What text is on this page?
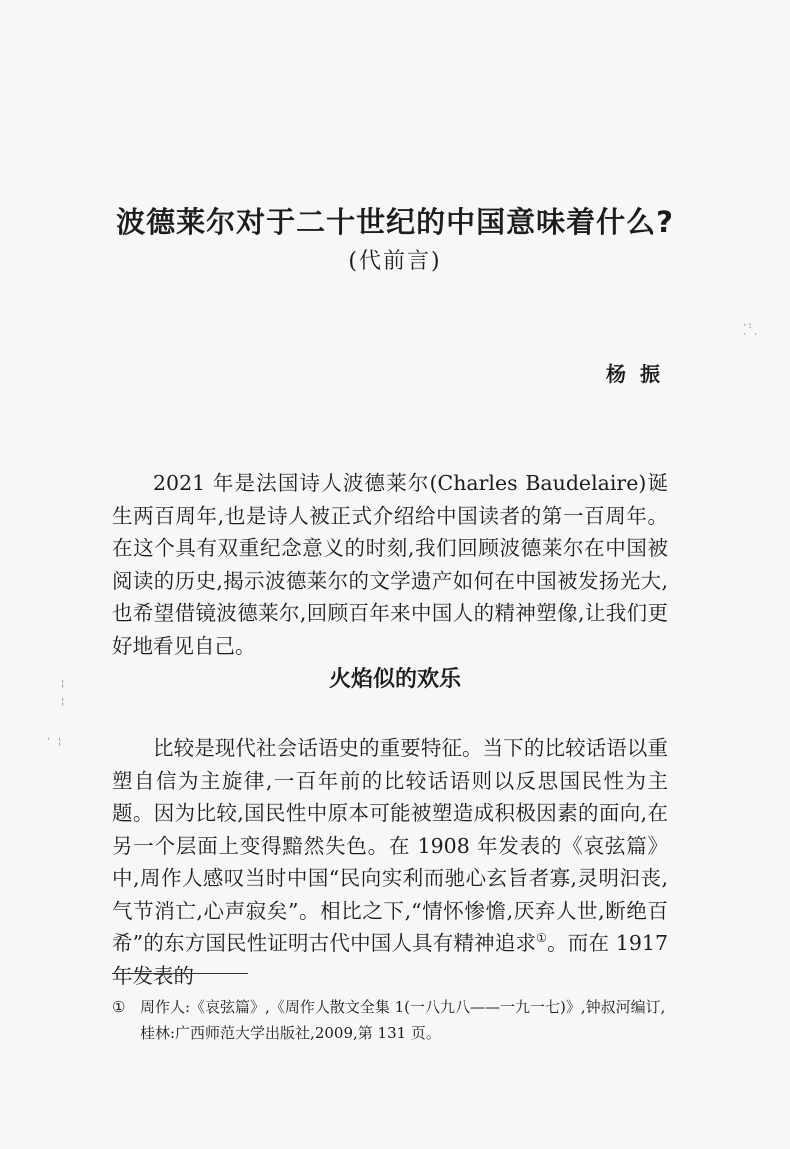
波德莱尔对于二十世纪的中国意味着什么?
(代前言)
杨振
2021 年是法国诗人波德莱尔(Charles Baudelaire)诞生两百周年,也是诗人被正式介绍给中国读者的第一百周年。在这个具有双重纪念意义的时刻,我们回顾波德莱尔在中国被阅读的历史,揭示波德莱尔的文学遗产如何在中国被发扬光大,也希望借镜波德莱尔,回顾百年来中国人的精神塑像,让我们更好地看见自己。
火焰似的欢乐
比较是现代社会话语史的重要特征。当下的比较话语以重塑自信为主旋律,一百年前的比较话语则以反思国民性为主题。因为比较,国民性中原本可能被塑造成积极因素的面向,在另一个层面上变得黯然失色。在 1908 年发表的《哀弦篇》中,周作人感叹当时中国“民向实利而驰心玄旨者寡,灵明汩丧,气节消亡,心声寂矣”。相比之下,“情怀惨憺,厌弃人世,断绝百希”的东方国民性证明古代中国人具有精神追求①。而在 1917 年发表的
① 周作人:《哀弦篇》,《周作人散文全集 1(一八九八——一九一七)》,钟叔河编订,桂林:广西师范大学出版社,2009,第 131 页。
·:
· ·
¦

¦
' ¦
